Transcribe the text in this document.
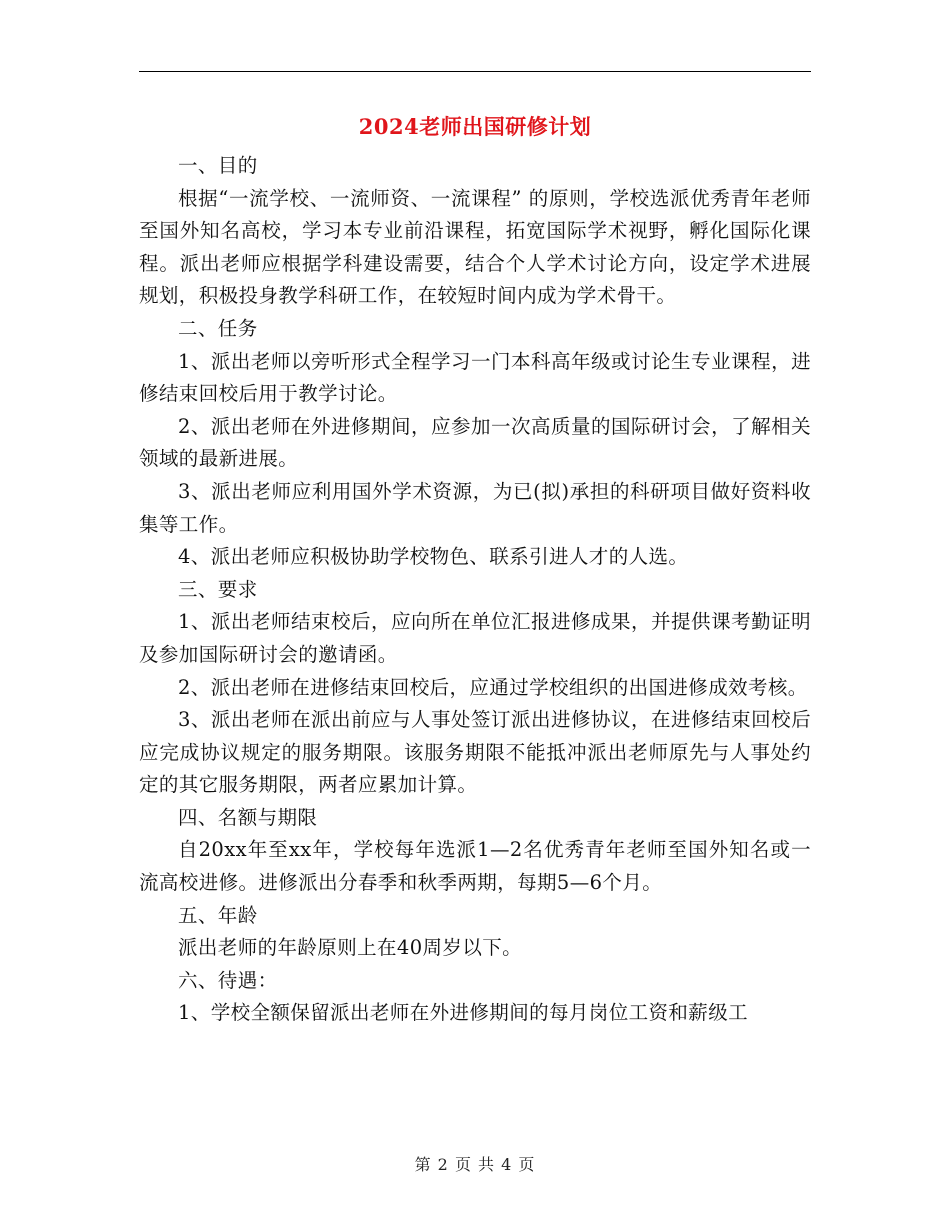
2024老师出国研修计划

一、目的

根据“一流学校、一流师资、一流课程” 的原则，学校选派优秀青年老师至国外知名高校，学习本专业前沿课程，拓宽国际学术视野，孵化国际化课程。派出老师应根据学科建设需要，结合个人学术讨论方向，设定学术进展规划，积极投身教学科研工作，在较短时间内成为学术骨干。

二、任务

1、派出老师以旁听形式全程学习一门本科高年级或讨论生专业课程，进修结束回校后用于教学讨论。

2、派出老师在外进修期间，应参加一次高质量的国际研讨会，了解相关领域的最新进展。

3、派出老师应利用国外学术资源，为已(拟)承担的科研项目做好资料收集等工作。

4、派出老师应积极协助学校物色、联系引进人才的人选。

三、要求

1、派出老师结束校后，应向所在单位汇报进修成果，并提供课考勤证明及参加国际研讨会的邀请函。

2、派出老师在进修结束回校后，应通过学校组织的出国进修成效考核。

3、派出老师在派出前应与人事处签订派出进修协议，在进修结束回校后应完成协议规定的服务期限。该服务期限不能抵冲派出老师原先与人事处约定的其它服务期限，两者应累加计算。

四、名额与期限

自20xx年至xx年，学校每年选派1—2名优秀青年老师至国外知名或一流高校进修。进修派出分春季和秋季两期，每期5—6个月。

五、年龄

派出老师的年龄原则上在40周岁以下。

六、待遇：

1、学校全额保留派出老师在外进修期间的每月岗位工资和薪级工

第 2 页 共 4 页
